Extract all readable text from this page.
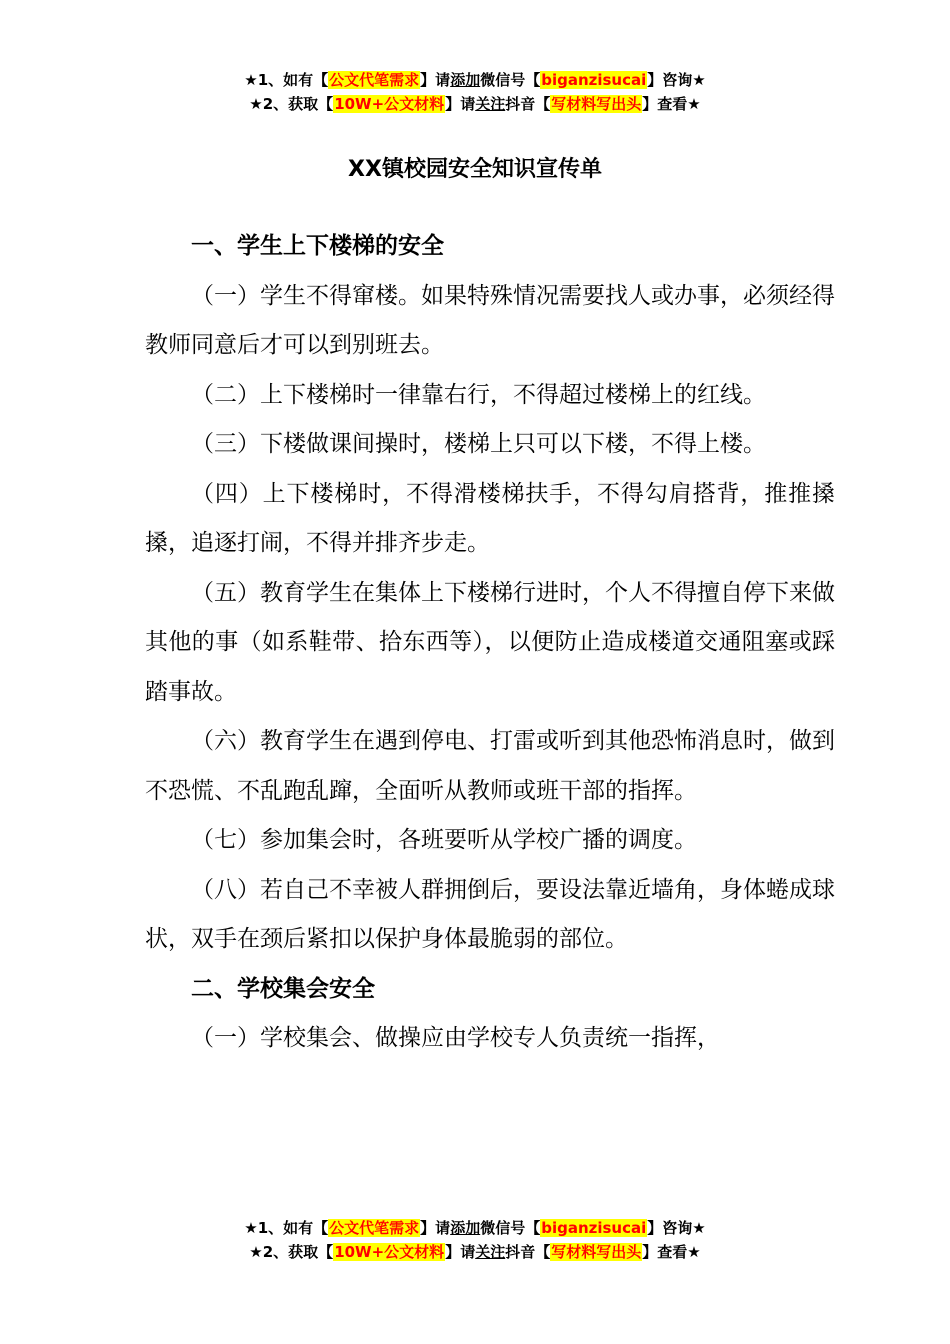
★1、如有【公文代笔需求】请添加微信号【biganzisucai】咨询★
★2、获取【10W+公文材料】请关注抖音【写材料写出头】查看★
XX镇校园安全知识宣传单
一、学生上下楼梯的安全

（一）学生不得窜楼。如果特殊情况需要找人或办事，必须经得教师同意后才可以到别班去。

（二）上下楼梯时一律靠右行，不得超过楼梯上的红线。

（三）下楼做课间操时，楼梯上只可以下楼，不得上楼。

（四）上下楼梯时，不得滑楼梯扶手，不得勾肩搭背，推推搡搡，追逐打闹，不得并排齐步走。

（五）教育学生在集体上下楼梯行进时，个人不得擅自停下来做其他的事（如系鞋带、拾东西等），以便防止造成楼道交通阻塞或踩踏事故。

（六）教育学生在遇到停电、打雷或听到其他恐怖消息时，做到不恐慌、不乱跑乱蹿，全面听从教师或班干部的指挥。

（七）参加集会时，各班要听从学校广播的调度。

（八）若自己不幸被人群拥倒后，要设法靠近墙角，身体蜷成球状，双手在颈后紧扣以保护身体最脆弱的部位。

二、学校集会安全

（一）学校集会、做操应由学校专人负责统一指挥，

★1、如有【公文代笔需求】请添加微信号【biganzisucai】咨询★
★2、获取【10W+公文材料】请关注抖音【写材料写出头】查看★
